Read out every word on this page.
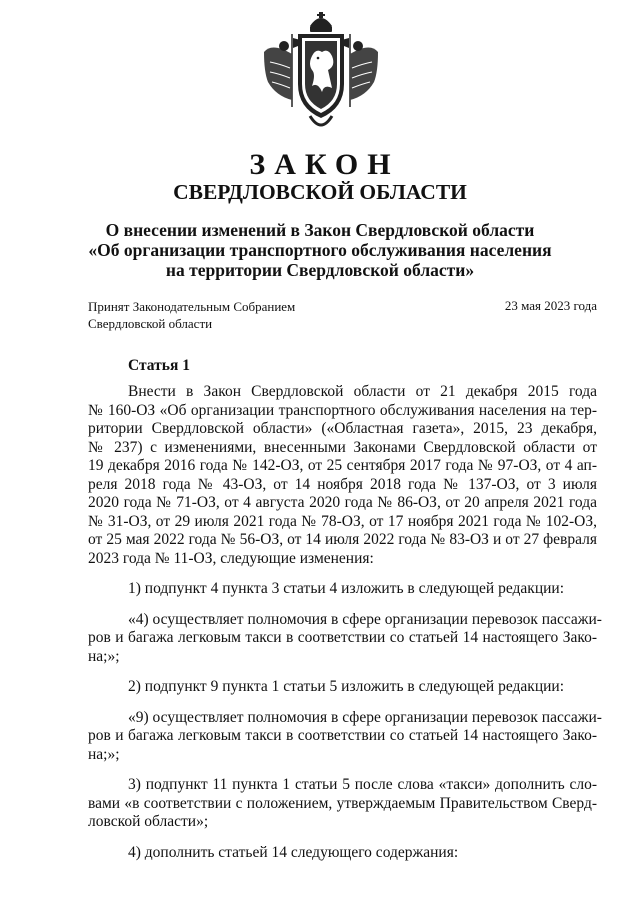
ЗАКОН
СВЕРДЛОВСКОЙ ОБЛАСТИ
О внесении изменений в Закон Свердловской области
«Об организации транспортного обслуживания населения
на территории Свердловской области»
Принят Законодательным Собранием
Свердловской области
23 мая 2023 года
Статья 1
Внести в Закон Свердловской области от 21 декабря 2015 года
№ 160-ОЗ «Об организации транспортного обслуживания населения на тер-
ритории Свердловской области» («Областная газета», 2015, 23 декабря,
№ 237) с изменениями, внесенными Законами Свердловской области от
19 декабря 2016 года № 142-ОЗ, от 25 сентября 2017 года № 97-ОЗ, от 4 ап-
реля 2018 года № 43-ОЗ, от 14 ноября 2018 года № 137-ОЗ, от 3 июля
2020 года № 71-ОЗ, от 4 августа 2020 года № 86-ОЗ, от 20 апреля 2021 года
№ 31-ОЗ, от 29 июля 2021 года № 78-ОЗ, от 17 ноября 2021 года № 102-ОЗ,
от 25 мая 2022 года № 56-ОЗ, от 14 июля 2022 года № 83-ОЗ и от 27 февраля
2023 года № 11-ОЗ, следующие изменения:
1) подпункт 4 пункта 3 статьи 4 изложить в следующей редакции:
«4) осуществляет полномочия в сфере организации перевозок пассажи-
ров и багажа легковым такси в соответствии со статьей 14 настоящего Зако-
на;»;
2) подпункт 9 пункта 1 статьи 5 изложить в следующей редакции:
«9) осуществляет полномочия в сфере организации перевозок пассажи-
ров и багажа легковым такси в соответствии со статьей 14 настоящего Зако-
на;»;
3) подпункт 11 пункта 1 статьи 5 после слова «такси» дополнить сло-
вами «в соответствии с положением, утверждаемым Правительством Сверд-
ловской области»;
4) дополнить статьей 14 следующего содержания:
